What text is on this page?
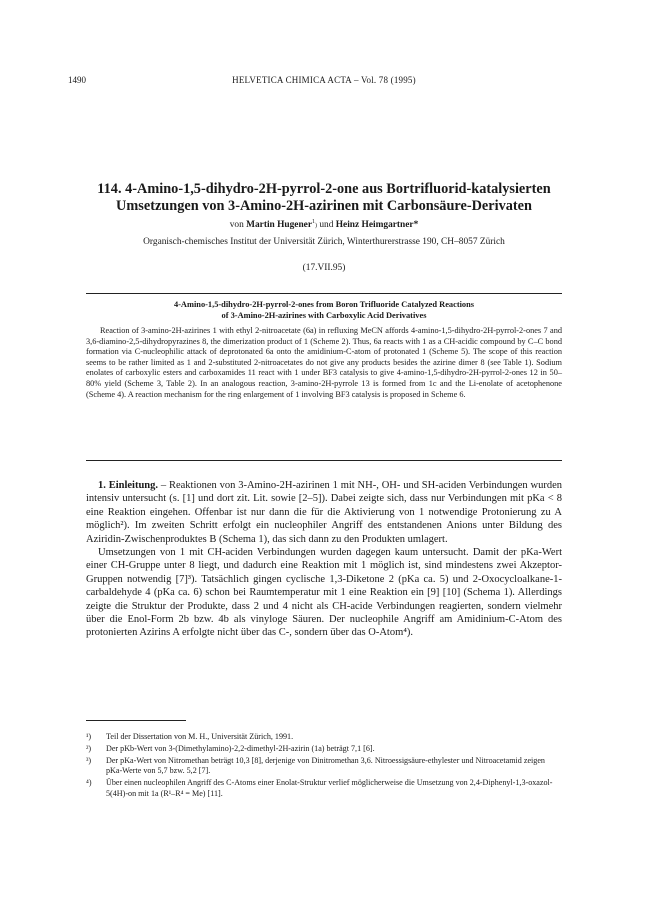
1490	HELVETICA CHIMICA ACTA – Vol. 78 (1995)
114. 4-Amino-1,5-dihydro-2H-pyrrol-2-one aus Bortrifluorid-katalysierten
Umsetzungen von 3-Amino-2H-azirinen mit Carbonsäure-Derivaten
von Martin Hugener$^1$) und Heinz Heimgartner*
Organisch-chemisches Institut der Universität Zürich, Winterthurerstrasse 190, CH–8057 Zürich
(17.VII.95)
4-Amino-1,5-dihydro-2H-pyrrol-2-ones from Boron Trifluoride Catalyzed Reactions
of 3-Amino-2H-azirines with Carboxylic Acid Derivatives
Reaction of 3-amino-2H-azirines 1 with ethyl 2-nitroacetate (6a) in refluxing MeCN affords 4-amino-1,5-dihydro-2H-pyrrol-2-ones 7 and 3,6-diamino-2,5-dihydropyrazines 8, the dimerization product of 1 (Scheme 2). Thus, 6a reacts with 1 as a CH-acidic compound by C–C bond formation via C-nucleophilic attack of deprotonated 6a onto the amidinium-C-atom of protonated 1 (Scheme 5). The scope of this reaction seems to be rather limited as 1 and 2-substituted 2-nitroacetates do not give any products besides the azirine dimer 8 (see Table 1). Sodium enolates of carboxylic esters and carboxamides 11 react with 1 under BF3 catalysis to give 4-amino-1,5-dihydro-2H-pyrrol-2-ones 12 in 50–80% yield (Scheme 3, Table 2). In an analogous reaction, 3-amino-2H-pyrrole 13 is formed from 1c and the Li-enolate of acetophenone (Scheme 4). A reaction mechanism for the ring enlargement of 1 involving BF3 catalysis is proposed in Scheme 6.

1. Einleitung. – Reaktionen von 3-Amino-2H-azirinen 1 mit NH-, OH- und SH-aciden Verbindungen wurden intensiv untersucht (s. [1] und dort zit. Lit. sowie [2–5]). Dabei zeigte sich, dass nur Verbindungen mit pKa < 8 eine Reaktion eingehen. Offenbar ist nur dann die für die Aktivierung von 1 notwendige Protonierung zu A möglich²). Im zweiten Schritt erfolgt ein nucleophiler Angriff des entstandenen Anions unter Bildung des Aziridin-Zwischenproduktes B (Schema 1), das sich dann zu den Produkten umlagert.

Umsetzungen von 1 mit CH-aciden Verbindungen wurden dagegen kaum untersucht. Damit der pKa-Wert einer CH-Gruppe unter 8 liegt, und dadurch eine Reaktion mit 1 möglich ist, sind mindestens zwei Akzeptor-Gruppen notwendig [7]³). Tatsächlich gingen cyclische 1,3-Diketone 2 (pKa ca. 5) und 2-Oxocycloalkane-1-carbaldehyde 4 (pKa ca. 6) schon bei Raumtemperatur mit 1 eine Reaktion ein [9] [10] (Schema 1). Allerdings zeigte die Struktur der Produkte, dass 2 und 4 nicht als CH-acide Verbindungen reagierten, sondern vielmehr über die Enol-Form 2b bzw. 4b als vinyloge Säuren. Der nucleophile Angriff am Amidinium-C-Atom des protonierten Azirins A erfolgte nicht über das C-, sondern über das O-Atom⁴).

¹) Teil der Dissertation von M. H., Universität Zürich, 1991.
²) Der pKb-Wert von 3-(Dimethylamino)-2,2-dimethyl-2H-azirin (1a) beträgt 7,1 [6].
³) Der pKa-Wert von Nitromethan beträgt 10,3 [8], derjenige von Dinitromethan 3,6. Nitroessigsäure-ethylester und Nitroacetamid zeigen pKa-Werte von 5,7 bzw. 5,2 [7].
⁴) Über einen nucleophilen Angriff des C-Atoms einer Enolat-Struktur verlief möglicherweise die Umsetzung von 2,4-Diphenyl-1,3-oxazol-5(4H)-on mit 1a (R¹–R⁴ = Me) [11].
